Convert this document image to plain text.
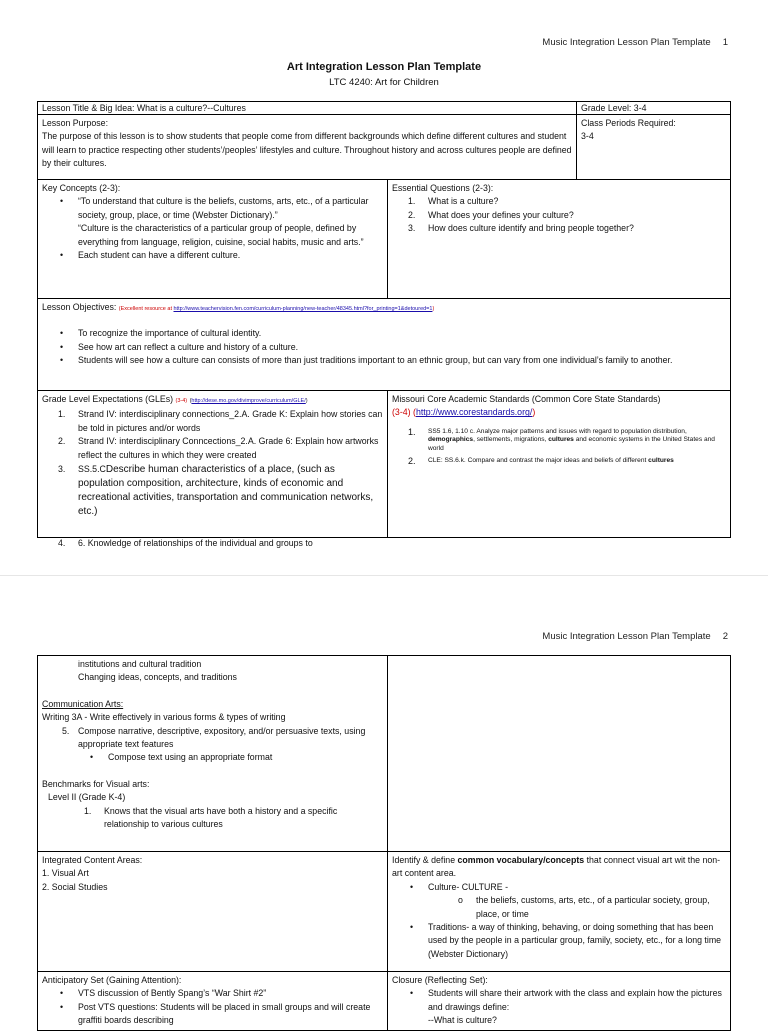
Music Integration Lesson Plan Template 1
Art Integration Lesson Plan Template
LTC 4240: Art for Children

Lesson Title & Big Idea: What is a culture?--Cultures	Grade Level: 3-4

Lesson Purpose:

The purpose of this lesson is to show students that people come from different backgrounds which define different cultures and student will learn to practice respecting other students’/peoples’ lifestyles and culture. Throughout history and across cultures people are defined by their cultures.

Class Periods Required:

3-4

Key Concepts (2-3):

• “To understand that culture is the beliefs, customs, arts, etc., of a particular society, group, place, or time (Webster Dictionary).”
“Culture is the characteristics of a particular group of people, defined by everything from language, religion, cuisine, social habits, music and arts.”
• Each student can have a different culture.

Essential Questions (2-3):

1. What is a culture?
2. What does your defines your culture?
3. How does culture identify and bring people together?

Lesson Objectives: (Excellent resource at http://www.teachervision.fen.com/curriculum-planning/new-teacher/48345.html?for_printing=1&detoured=1)

• To recognize the importance of cultural identity.
• See how art can reflect a culture and history of a culture.
• Students will see how a culture can consists of more than just traditions important to an ethnic group, but can vary from one individual’s family to another.

Grade Level Expectations (GLEs) (3-4) (http://dese.mo.gov/divimprove/curriculum/GLE/)

1. Strand IV: interdisciplinary connections_2.A. Grade K: Explain how stories can be told in pictures and/or words
2. Strand IV: interdisciplinary Conncections_2.A. Grade 6: Explain how artworks reflect the cultures in which they were created
3. SS.5.CDescribe human characteristics of a place, (such as population composition, architecture, kinds of economic and recreational activities, transportation and communication networks, etc.)
4. 6. Knowledge of relationships of the individual and groups to

Missouri Core Academic Standards (Common Core State Standards)

(3-4) (http://www.corestandards.org/)

1. SS5 1.6, 1.10 c. Analyze major patterns and issues with regard to population distribution, demographics, settlements, migrations, cultures and economic systems in the United States and world
2. CLE: SS.6.k. Compare and contrast the major ideas and beliefs of different cultures
Music Integration Lesson Plan Template 2

institutions and cultural tradition

Changing ideas, concepts, and traditions

Communication Arts:

Writing 3A - Write effectively in various forms & types of writing

5. Compose narrative, descriptive, expository, and/or persuasive texts, using appropriate text features
• Compose text using an appropriate format

Benchmarks for Visual arts:

Level II (Grade K-4)

1. Knows that the visual arts have both a history and a specific relationship to various cultures

Integrated Content Areas:

1. Visual Art

2. Social Studies

Identify & define common vocabulary/concepts that connect visual art wit the non-art content area.

• Culture- CULTURE -
o the beliefs, customs, arts, etc., of a particular society, group, place, or time
• Traditions- a way of thinking, behaving, or doing something that has been used by the people in a particular group, family, society, etc., for a long time (Webster Dictionary)

Anticipatory Set (Gaining Attention):

• VTS discussion of Bently Spang’s “War Shirt #2”
• Post VTS questions: Students will be placed in small groups and will create graffiti boards describing

Closure (Reflecting Set):

• Students will share their artwork with the class and explain how the pictures and drawings define:
--What is culture?
